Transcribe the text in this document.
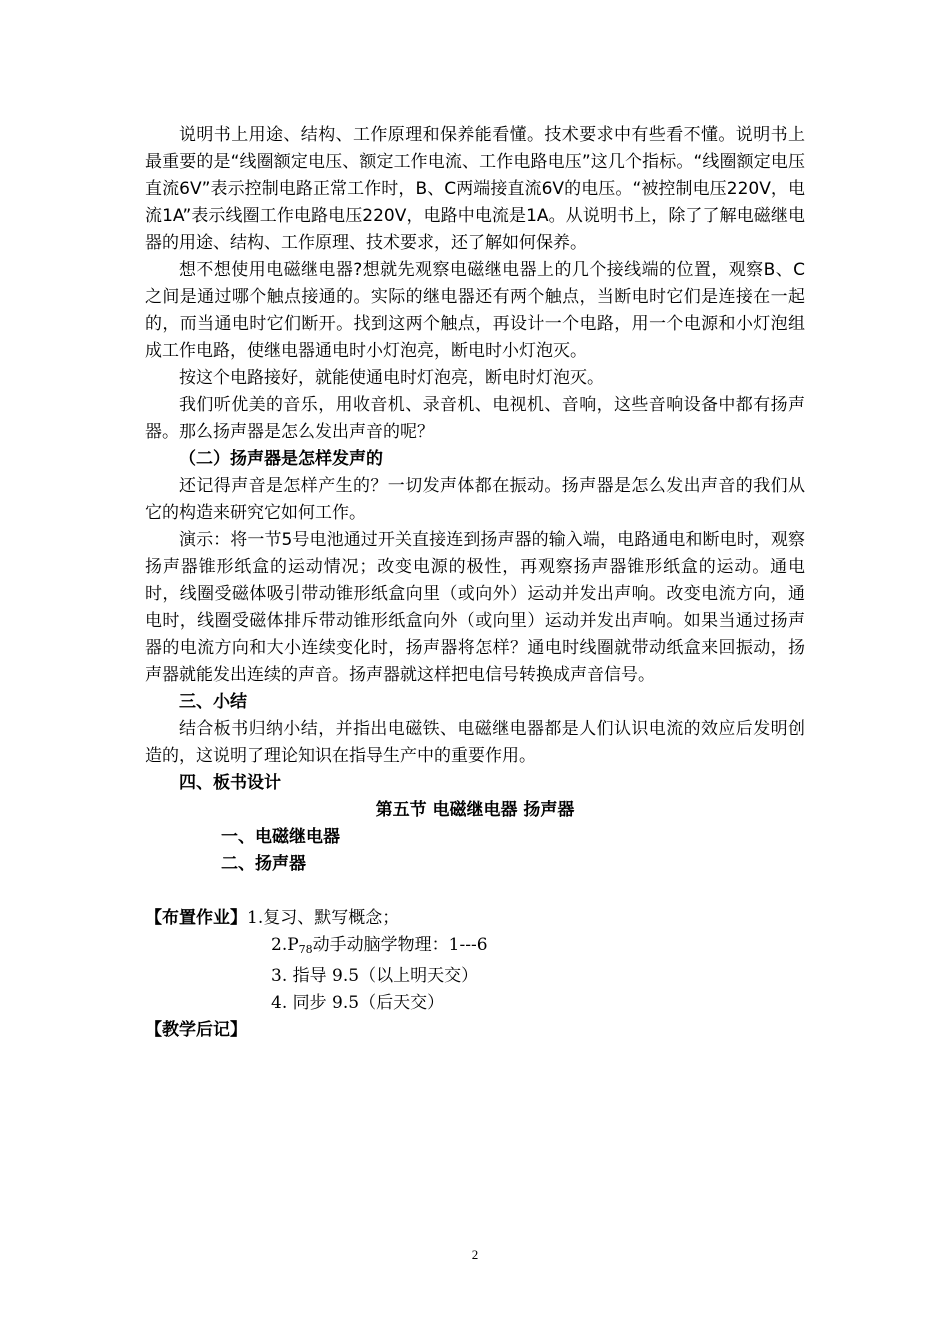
说明书上用途、结构、工作原理和保养能看懂。技术要求中有些看不懂。说明书上最重要的是“线圈额定电压、额定工作电流、工作电路电压”这几个指标。“线圈额定电压直流6V”表示控制电路正常工作时，B、C两端接直流6V的电压。“被控制电压220V，电流1A”表示线圈工作电路电压220V，电路中电流是1A。从说明书上，除了了解电磁继电器的用途、结构、工作原理、技术要求，还了解如何保养。

想不想使用电磁继电器?想就先观察电磁继电器上的几个接线端的位置，观察B、C之间是通过哪个触点接通的。实际的继电器还有两个触点，当断电时它们是连接在一起的，而当通电时它们断开。找到这两个触点，再设计一个电路，用一个电源和小灯泡组成工作电路，使继电器通电时小灯泡亮，断电时小灯泡灭。

按这个电路接好，就能使通电时灯泡亮，断电时灯泡灭。

我们听优美的音乐，用收音机、录音机、电视机、音响，这些音响设备中都有扬声器。那么扬声器是怎么发出声音的呢？

（二）扬声器是怎样发声的

还记得声音是怎样产生的？一切发声体都在振动。扬声器是怎么发出声音的我们从它的构造来研究它如何工作。

演示：将一节5号电池通过开关直接连到扬声器的输入端，电路通电和断电时，观察扬声器锥形纸盒的运动情况；改变电源的极性，再观察扬声器锥形纸盒的运动。通电时，线圈受磁体吸引带动锥形纸盒向里（或向外）运动并发出声响。改变电流方向，通电时，线圈受磁体排斥带动锥形纸盒向外（或向里）运动并发出声响。如果当通过扬声器的电流方向和大小连续变化时，扬声器将怎样？通电时线圈就带动纸盒来回振动，扬声器就能发出连续的声音。扬声器就这样把电信号转换成声音信号。

三、小结

结合板书归纳小结，并指出电磁铁、电磁继电器都是人们认识电流的效应后发明创造的，这说明了理论知识在指导生产中的重要作用。

四、板书设计

第五节 电磁继电器 扬声器

一、电磁继电器

二、扬声器

【布置作业】 1.复习、默写概念；
$2.P_{78}$动手动脑学物理：1---6
3. 指导 9.5（以上明天交）
4. 同步 9.5（后天交）
【教学后记】
2
